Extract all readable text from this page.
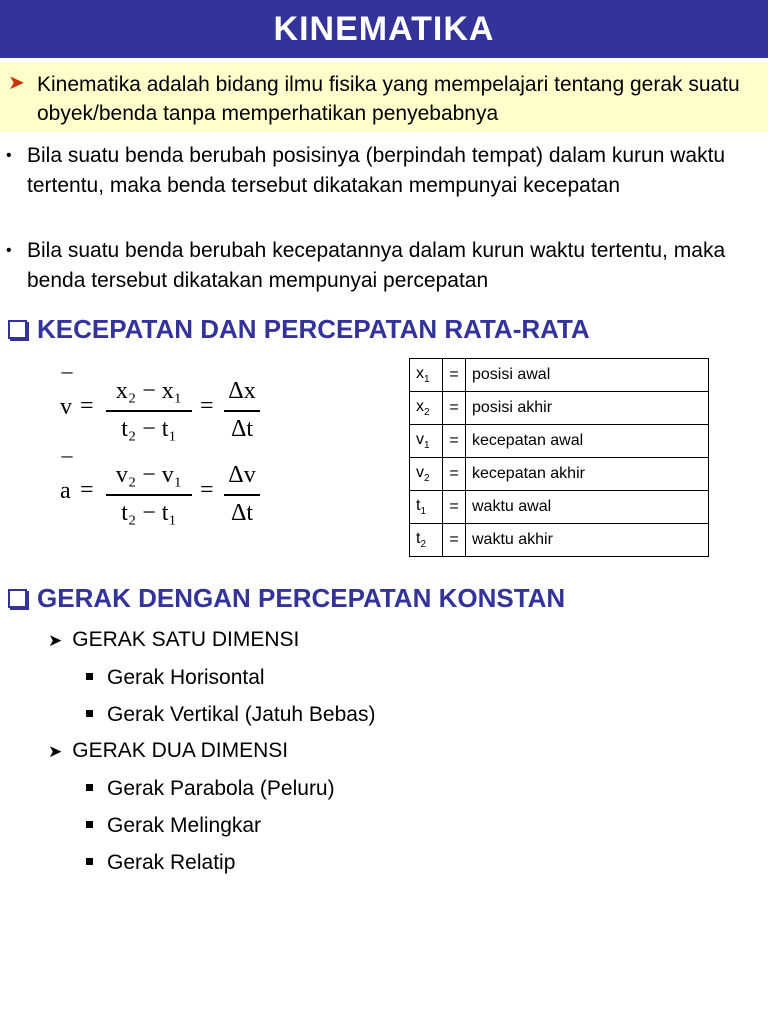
KINEMATIKA
➤ Kinematika adalah bidang ilmu fisika yang mempelajari tentang gerak suatu obyek/benda tanpa memperhatikan penyebabnya
• Bila suatu benda berubah posisinya (berpindah tempat) dalam kurun waktu tertentu, maka benda tersebut dikatakan mempunyai kecepatan
• Bila suatu benda berubah kecepatannya dalam kurun waktu tertentu, maka benda tersebut dikatakan mempunyai percepatan
KECEPATAN DAN PERCEPATAN RATA-RATA
–
v =
x₂ − x₁
t₂ − t₁
=
Δx
Δt
–
a =
v₂ − v₁
t₂ − t₁
=
Δv
Δt
$x_1$	=	posisi awal
$x_2$	=	posisi akhir
$v_1$	=	kecepatan awal
$v_2$	=	kecepatan akhir
$t_1$	=	waktu awal
$t_2$	=	waktu akhir
GERAK DENGAN PERCEPATAN KONSTAN
➤ GERAK SATU DIMENSI
Gerak Horisontal
Gerak Vertikal (Jatuh Bebas)
➤ GERAK DUA DIMENSI
Gerak Parabola (Peluru)
Gerak Melingkar
Gerak Relatip
